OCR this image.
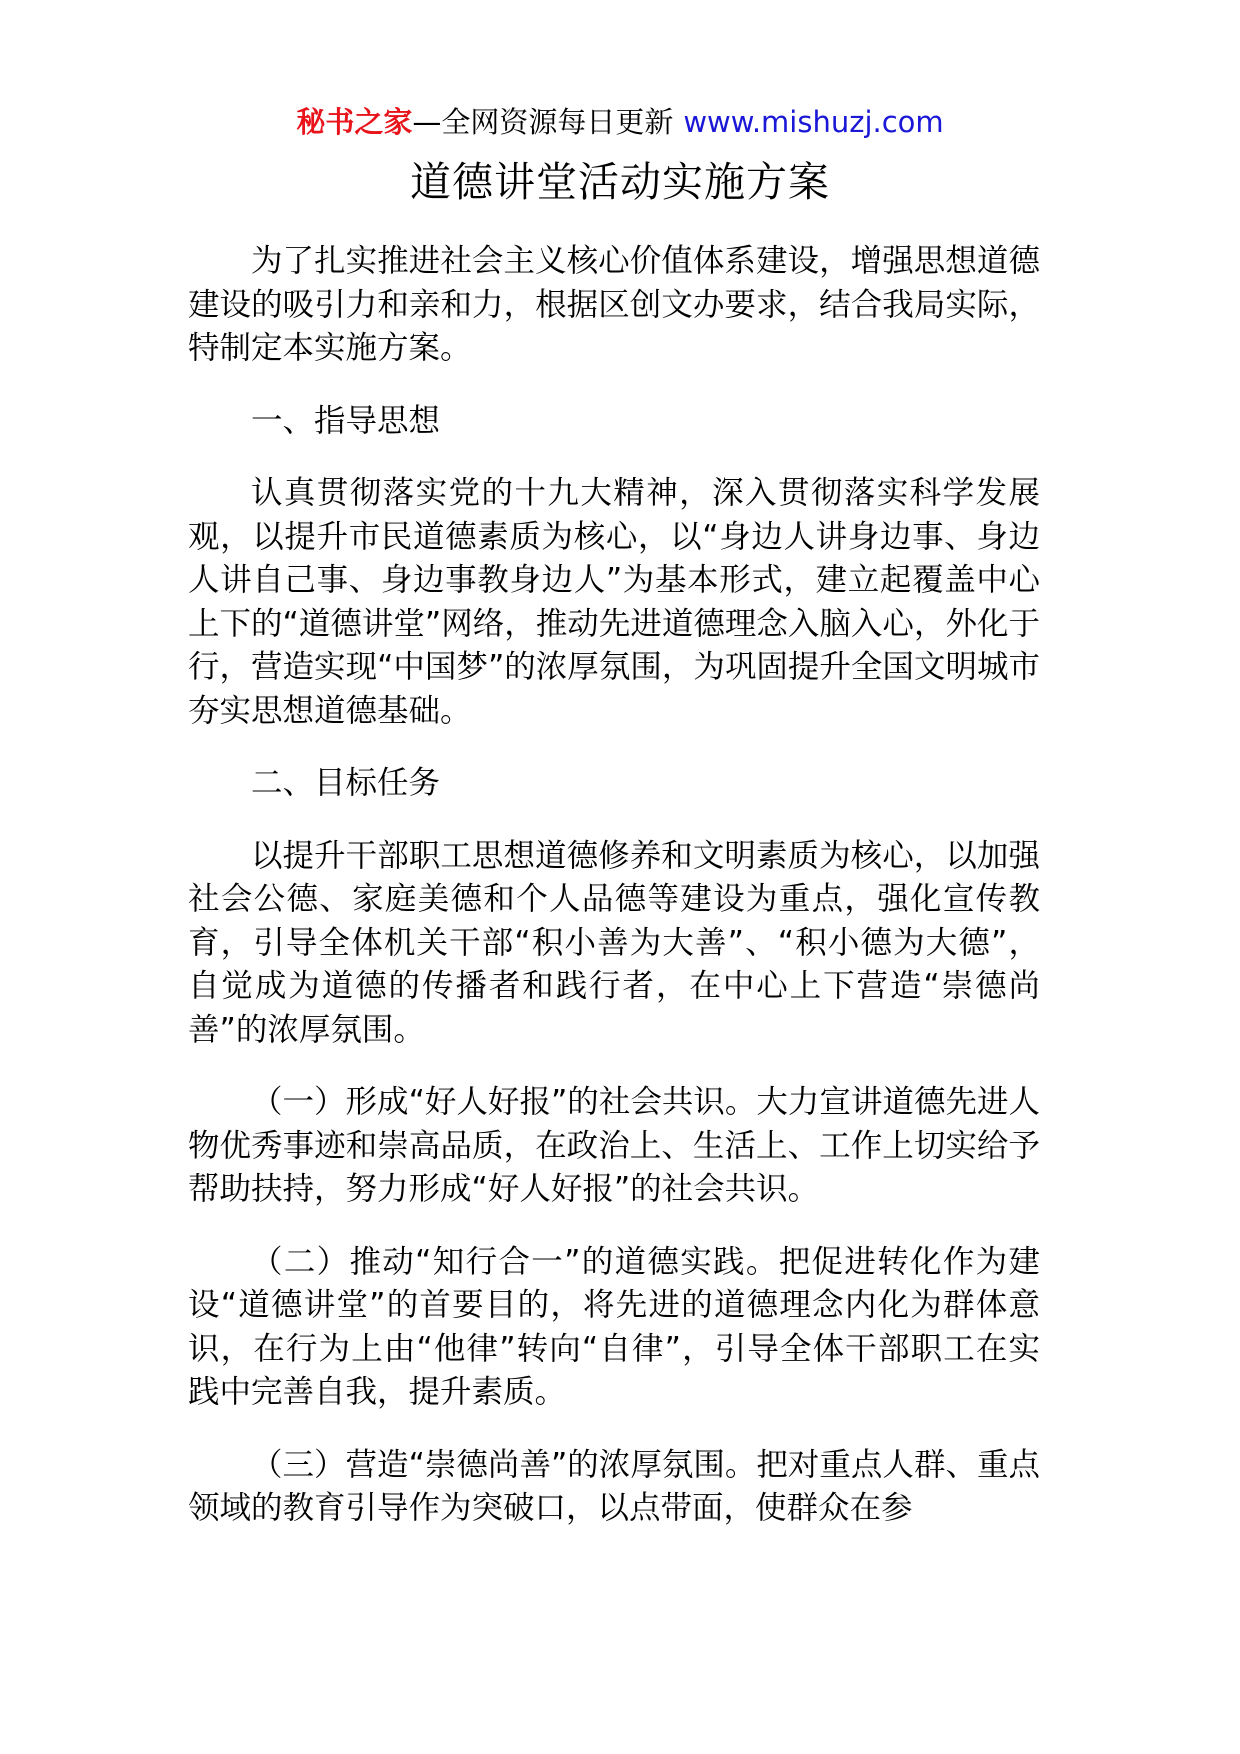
秘书之家—全网资源每日更新 www.mishuzj.com
道德讲堂活动实施方案

为了扎实推进社会主义核心价值体系建设，增强思想道德建设的吸引力和亲和力，根据区创文办要求，结合我局实际，特制定本实施方案。

一、指导思想

认真贯彻落实党的十九大精神，深入贯彻落实科学发展观，以提升市民道德素质为核心，以“身边人讲身边事、身边人讲自己事、身边事教身边人”为基本形式，建立起覆盖中心上下的“道德讲堂”网络，推动先进道德理念入脑入心，外化于行，营造实现“中国梦”的浓厚氛围，为巩固提升全国文明城市夯实思想道德基础。

二、目标任务

以提升干部职工思想道德修养和文明素质为核心，以加强社会公德、家庭美德和个人品德等建设为重点，强化宣传教育，引导全体机关干部“积小善为大善”、“积小德为大德”，自觉成为道德的传播者和践行者，在中心上下营造“崇德尚善”的浓厚氛围。

（一）形成“好人好报”的社会共识。大力宣讲道德先进人物优秀事迹和崇高品质，在政治上、生活上、工作上切实给予帮助扶持，努力形成“好人好报”的社会共识。

（二）推动“知行合一”的道德实践。把促进转化作为建设“道德讲堂”的首要目的，将先进的道德理念内化为群体意识，在行为上由“他律”转向“自律”，引导全体干部职工在实践中完善自我，提升素质。

（三）营造“崇德尚善”的浓厚氛围。把对重点人群、重点领域的教育引导作为突破口，以点带面，使群众在参
